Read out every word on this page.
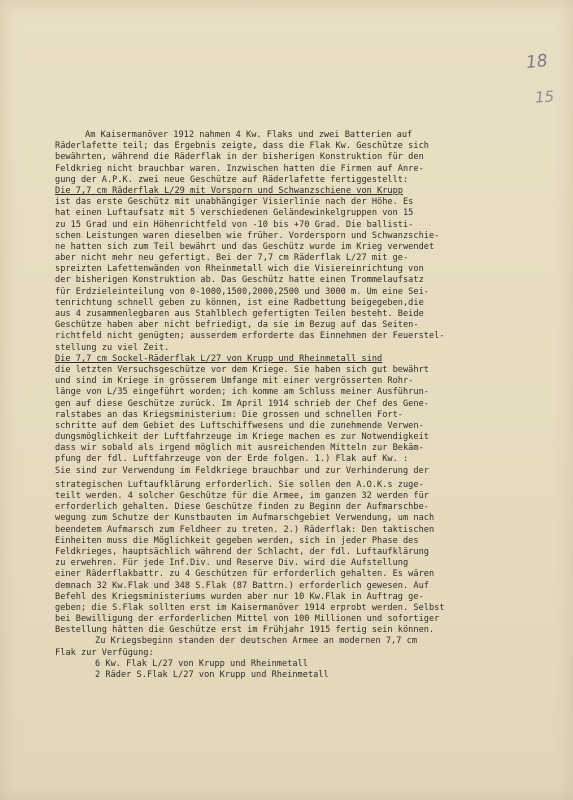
18
15
Am Kaisermanöver 1912 nahmen 4 Kw. Flaks und zwei Batterien auf
Räderlafette teil; das Ergebnis zeigte, dass die Flak Kw. Geschütze sich
bewährten, während die Räderflak in der bisherigen Konstruktion für den
Feldkrieg nicht brauchbar waren. Inzwischen hatten die Firmen auf Anre-
gung der A.P.K. zwei neue Geschütze auf Räderlafette fertiggestellt:
Die 7,7 cm Räderflak L/29 mit Vorsporn und Schwanzschiene von Krupp
ist das erste Geschütz mit unabhängiger Visierlinie nach der Höhe. Es
hat einen Luftaufsatz mit 5 verschiedenen Geländewinkelgruppen von 15
zu 15 Grad und ein Höhenrichtfeld von -10 bis +70 Grad. Die ballisti-
schen Leistungen waren dieselben wie früher. Vordersporn und Schwanzschie-
ne hatten sich zum Teil bewährt und das Geschütz wurde im Krieg verwendet
aber nicht mehr neu gefertigt. Bei der 7,7 cm Räderflak L/27 mit ge-
spreizten Lafettenwänden von Rheinmetall wich die Visiereinrichtung von
der bisherigen Konstruktion ab. Das Geschütz hatte einen Trommelaufsatz
für Erdzieleinteilung von 0-1000,1500,2000,2500 und 3000 m. Um eine Sei-
tenrichtung schnell geben zu können, ist eine Radbettung beigegeben,die
aus 4 zusammenlegbaren aus Stahlblech gefertigten Teilen besteht. Beide
Geschütze haben aber nicht befriedigt, da sie im Bezug auf das Seiten-
richtfeld nicht genügten; ausserdem erforderte das Einnehmen der Feuerstel-
stellung zu viel Zeit.
Die 7,7 cm Sockel-Räderflak L/27 von Krupp und Rheinmetall sind
die letzten Versuchsgeschütze vor dem Kriege. Sie haben sich gut bewährt
und sind im Kriege in grösserem Umfange mit einer vergrösserten Rohr-
länge von L/35 eingeführt worden; ich komme am Schluss meiner Ausführun-
gen auf diese Geschütze zurück. Im April 1914 schrieb der Chef des Gene-
ralstabes an das Kriegsministerium: Die grossen und schnellen Fort-
schritte auf dem Gebiet des Luftschiffwesens und die zunehmende Verwen-
dungsmöglichkeit der Luftfahrzeuge im Kriege machen es zur Notwendigkeit
dass wir sobald als irgend möglich mit ausreichenden Mitteln zur Bekäm-
pfung der fdl. Luftfahrzeuge von der Erde folgen. 1.) Flak auf Kw. :
Sie sind zur Verwendung im Feldkriege brauchbar und zur Verhinderung der
strategischen Luftaufklärung erforderlich. Sie sollen den A.O.K.s zuge-
teilt werden. 4 solcher Geschütze für die Armee, im ganzen 32 werden für
erforderlich gehalten. Diese Geschütze finden zu Beginn der Aufmarschbe-
wegung zum Schutze der Kunstbauten im Aufmarschgebiet Verwendung, um nach
beendetem Aufmarsch zum Feldheer zu treten. 2.) Räderflak: Den taktischen
Einheiten muss die Möglichkeit gegeben werden, sich in jeder Phase des
Feldkrieges, hauptsächlich während der Schlacht, der fdl. Luftaufklärung
zu erwehren. Für jede Inf.Div. und Reserve Div. wird die Aufstellung
einer Räderflakbattr. zu 4 Geschützen für erforderlich gehalten. Es wären
demnach 32 Kw.Flak und 348 S.Flak (87 Battrn.) erforderlich gewesen. Auf
Befehl des Kriegsministeriums wurden aber nur 10 Kw.Flak in Auftrag ge-
geben; die S.Flak sollten erst im Kaisermanöver 1914 erprobt werden. Selbst
bei Bewilligung der erforderlichen Mittel von 100 Millionen und sofortiger
Bestellung hätten die Geschütze erst im Frühjahr 1915 fertig sein können.
Zu Kriegsbeginn standen der deutschen Armee an modernen 7,7 cm
Flak zur Verfügung:
6 Kw. Flak L/27 von Krupp und Rheinmetall
2 Räder S.Flak L/27 von Krupp und Rheinmetall
